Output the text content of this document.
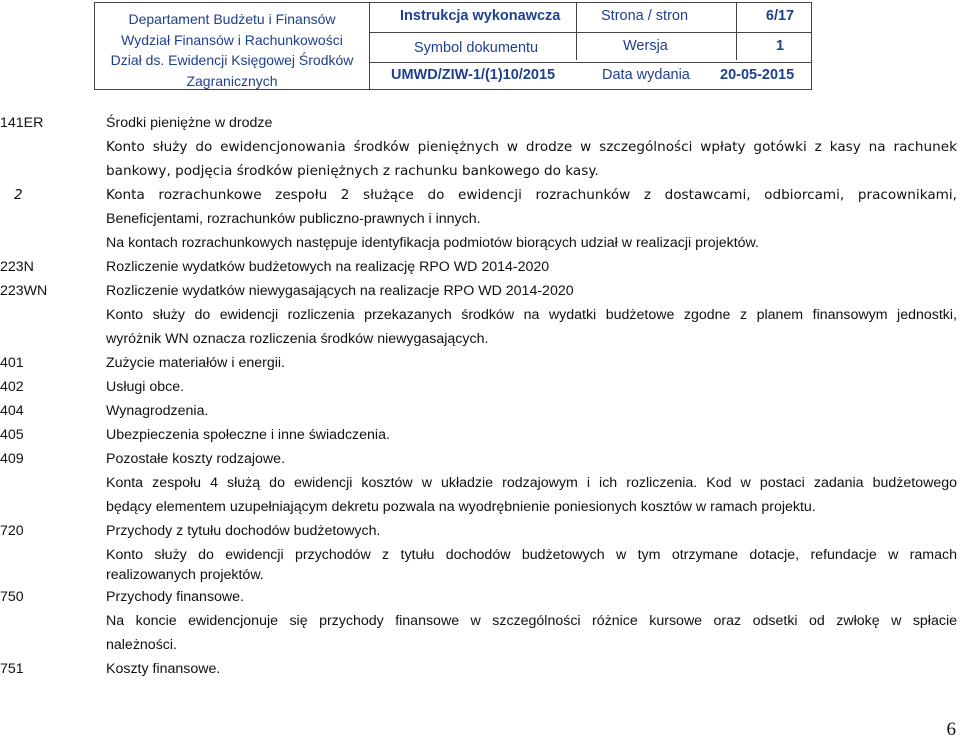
Departament Budżetu i Finansów
Wydział Finansów i Rachunkowości
Dział ds. Ewidencji Księgowej Środków
Zagranicznych
Instrukcja wykonawcza	Strona / stron	6/17
Symbol dokumentu	Wersja	1
UMWD/ZIW-1/(1)10/2015	Data wydania 20-05-2015
141ER	Środki pieniężne w drodze
Konto służy do ewidencjonowania środków pieniężnych w drodze w szczególności wpłaty gotówki z kasy na rachunek
bankowy, podjęcia środków pieniężnych z rachunku bankowego do kasy.
2	Konta rozrachunkowe zespołu 2 służące do ewidencji rozrachunków z dostawcami, odbiorcami, pracownikami,
Beneficjentami, rozrachunków publiczno-prawnych i innych.
Na kontach rozrachunkowych następuje identyfikacja podmiotów biorących udział w realizacji projektów.
223N	Rozliczenie wydatków budżetowych na realizację RPO WD 2014-2020
223WN	Rozliczenie wydatków niewygasających na realizacje RPO WD 2014-2020
Konto służy do ewidencji rozliczenia przekazanych środków na wydatki budżetowe zgodne z planem finansowym jednostki,
wyróżnik WN oznacza rozliczenia środków niewygasających.
401	Zużycie materiałów i energii.
402	Usługi obce.
404	Wynagrodzenia.
405	Ubezpieczenia społeczne i inne świadczenia.
409	Pozostałe koszty rodzajowe.
Konta zespołu 4 służą do ewidencji kosztów w układzie rodzajowym i ich rozliczenia. Kod w postaci zadania budżetowego
będący elementem uzupełniającym dekretu pozwala na wyodrębnienie poniesionych kosztów w ramach projektu.
720	Przychody z tytułu dochodów budżetowych.
Konto służy do ewidencji przychodów z tytułu dochodów budżetowych w tym otrzymane dotacje, refundacje w ramach
realizowanych projektów.
750	Przychody finansowe.
Na koncie ewidencjonuje się przychody finansowe w szczególności różnice kursowe oraz odsetki od zwłokę w spłacie
należności.
751	Koszty finansowe.
6
